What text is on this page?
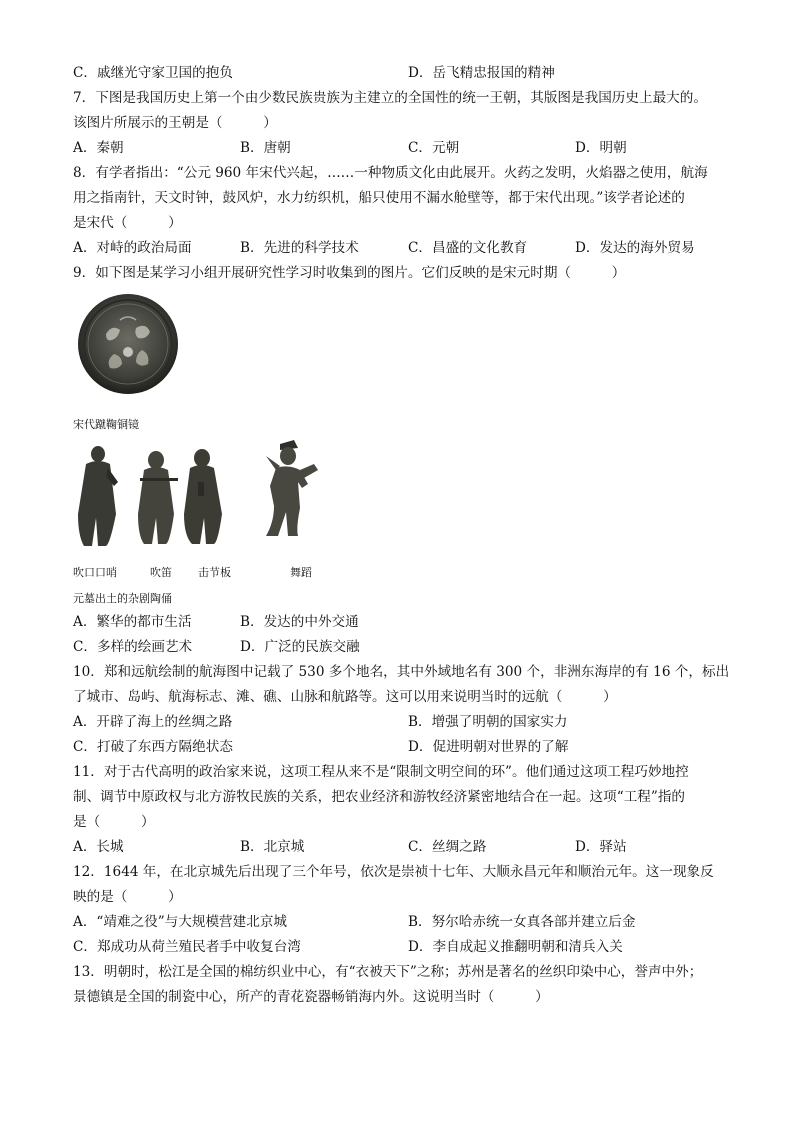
C．戚继光守家卫国的抱负	D．岳飞精忠报国的精神
7．下图是我国历史上第一个由少数民族贵族为主建立的全国性的统一王朝，其版图是我国历史上最大的。
该图片所展示的王朝是（　　　）
A．秦朝	B．唐朝	C．元朝	D．明朝
8．有学者指出：“公元 960 年宋代兴起，……一种物质文化由此展开。火药之发明，火焰器之使用，航海
用之指南针，天文时钟，鼓风炉，水力纺织机，船只使用不漏水舱壁等，都于宋代出现。”该学者论述的
是宋代（　　　）
A．对峙的政治局面	B．先进的科学技术	C．昌盛的文化教育	D．发达的海外贸易
9．如下图是某学习小组开展研究性学习时收集到的图片。它们反映的是宋元时期（　　　）
宋代蹴鞠铜镜
吹口口哨	吹笛 击节板	舞蹈
元墓出土的杂剧陶俑
A．繁华的都市生活	B．发达的中外交通
C．多样的绘画艺术	D．广泛的民族交融
10．郑和远航绘制的航海图中记载了 530 多个地名，其中外域地名有 300 个，非洲东海岸的有 16 个，标出
了城市、岛屿、航海标志、滩、礁、山脉和航路等。这可以用来说明当时的远航（　　　）
A．开辟了海上的丝绸之路	B．增强了明朝的国家实力
C．打破了东西方隔绝状态	D．促进明朝对世界的了解
11．对于古代高明的政治家来说，这项工程从来不是“限制文明空间的环”。他们通过这项工程巧妙地控
制、调节中原政权与北方游牧民族的关系，把农业经济和游牧经济紧密地结合在一起。这项“工程”指的
是（　　　）
A．长城	B．北京城	C．丝绸之路	D．驿站
12．1644 年，在北京城先后出现了三个年号，依次是崇祯十七年、大顺永昌元年和顺治元年。这一现象反
映的是（　　　）
A．“靖难之役”与大规模营建北京城	B．努尔哈赤统一女真各部并建立后金
C．郑成功从荷兰殖民者手中收复台湾	D．李自成起义推翻明朝和清兵入关
13．明朝时，松江是全国的棉纺织业中心，有“衣被天下”之称；苏州是著名的丝织印染中心，誉声中外；
景德镇是全国的制瓷中心，所产的青花瓷器畅销海内外。这说明当时（　　　）
